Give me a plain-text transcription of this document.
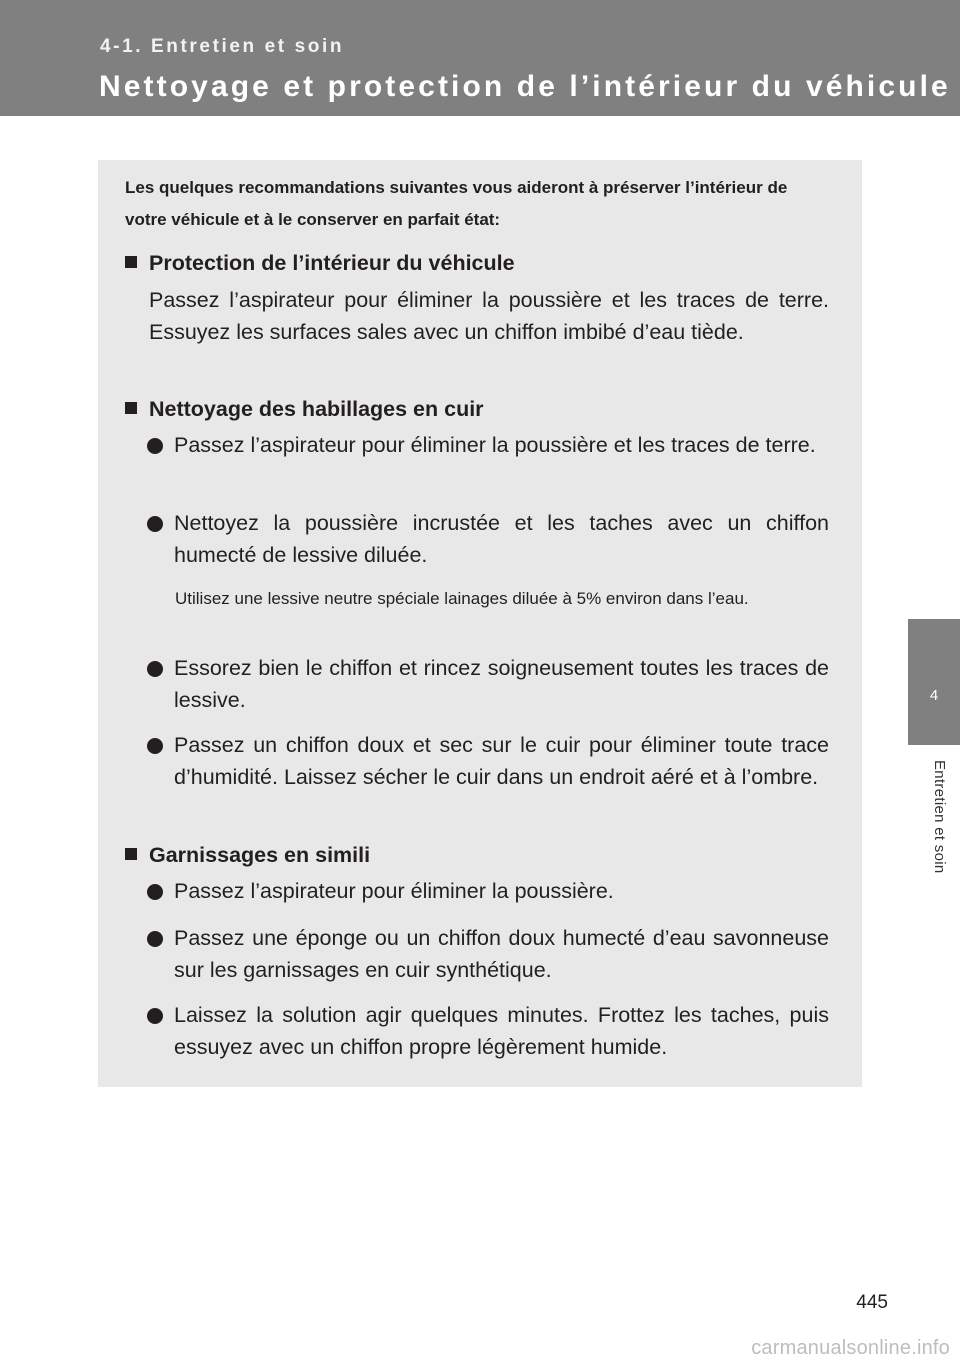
4-1. Entretien et soin
Nettoyage et protection de l’intérieur du véhicule
4
Entretien et soin
Les quelques recommandations suivantes vous aideront à préserver l’intérieur de votre véhicule et à le conserver en parfait état:
Protection de l’intérieur du véhicule
Passez l’aspirateur pour éliminer la poussière et les traces de terre. Essuyez les surfaces sales avec un chiffon imbibé d’eau tiède.
Nettoyage des habillages en cuir
Passez l’aspirateur pour éliminer la poussière et les traces de terre.
Nettoyez la poussière incrustée et les taches avec un chiffon humecté de lessive diluée.
Utilisez une lessive neutre spéciale lainages diluée à 5% environ dans l’eau.
Essorez bien le chiffon et rincez soigneusement toutes les traces de lessive.
Passez un chiffon doux et sec sur le cuir pour éliminer toute trace d’humidité. Laissez sécher le cuir dans un endroit aéré et à l’ombre.
Garnissages en simili
Passez l’aspirateur pour éliminer la poussière.
Passez une éponge ou un chiffon doux humecté d’eau savonneuse sur les garnissages en cuir synthétique.
Laissez la solution agir quelques minutes. Frottez les taches, puis essuyez avec un chiffon propre légèrement humide.
445
carmanualsonline.info
